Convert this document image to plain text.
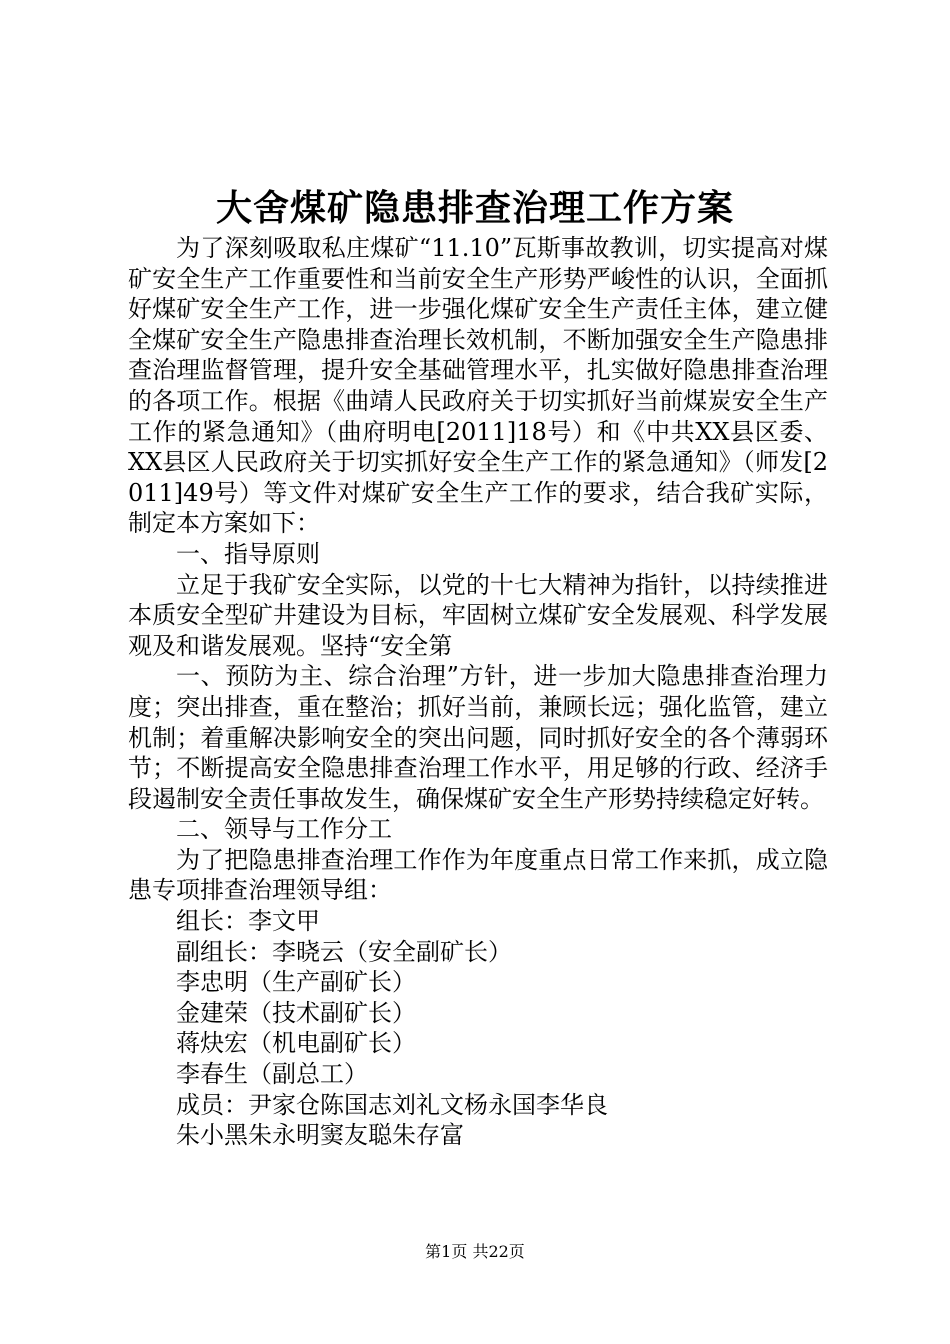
大舍煤矿隐患排查治理工作方案

为了深刻吸取私庄煤矿“11.10”瓦斯事故教训，切实提高对煤矿安全生产工作重要性和当前安全生产形势严峻性的认识，全面抓好煤矿安全生产工作，进一步强化煤矿安全生产责任主体，建立健全煤矿安全生产隐患排查治理长效机制，不断加强安全生产隐患排查治理监督管理，提升安全基础管理水平，扎实做好隐患排查治理的各项工作。根据《曲靖人民政府关于切实抓好当前煤炭安全生产工作的紧急通知》（曲府明电[2011]18号）和《中共XX县区委、XX县区人民政府关于切实抓好安全生产工作的紧急通知》（师发[2011]49号）等文件对煤矿安全生产工作的要求，结合我矿实际，制定本方案如下：

一、指导原则

立足于我矿安全实际，以党的十七大精神为指针，以持续推进本质安全型矿井建设为目标，牢固树立煤矿安全发展观、科学发展观及和谐发展观。坚持“安全第

一、预防为主、综合治理”方针，进一步加大隐患排查治理力度；突出排查，重在整治；抓好当前，兼顾长远；强化监管，建立机制；着重解决影响安全的突出问题，同时抓好安全的各个薄弱环节；不断提高安全隐患排查治理工作水平，用足够的行政、经济手段遏制安全责任事故发生，确保煤矿安全生产形势持续稳定好转。

二、领导与工作分工

为了把隐患排查治理工作作为年度重点日常工作来抓，成立隐患专项排查治理领导组：

组长：李文甲

副组长：李晓云（安全副矿长）

李忠明（生产副矿长）

金建荣（技术副矿长）

蒋炔宏（机电副矿长）

李春生（副总工）

成员：尹家仓陈国志刘礼文杨永国李华良

朱小黑朱永明窦友聪朱存富

第1页 共22页
